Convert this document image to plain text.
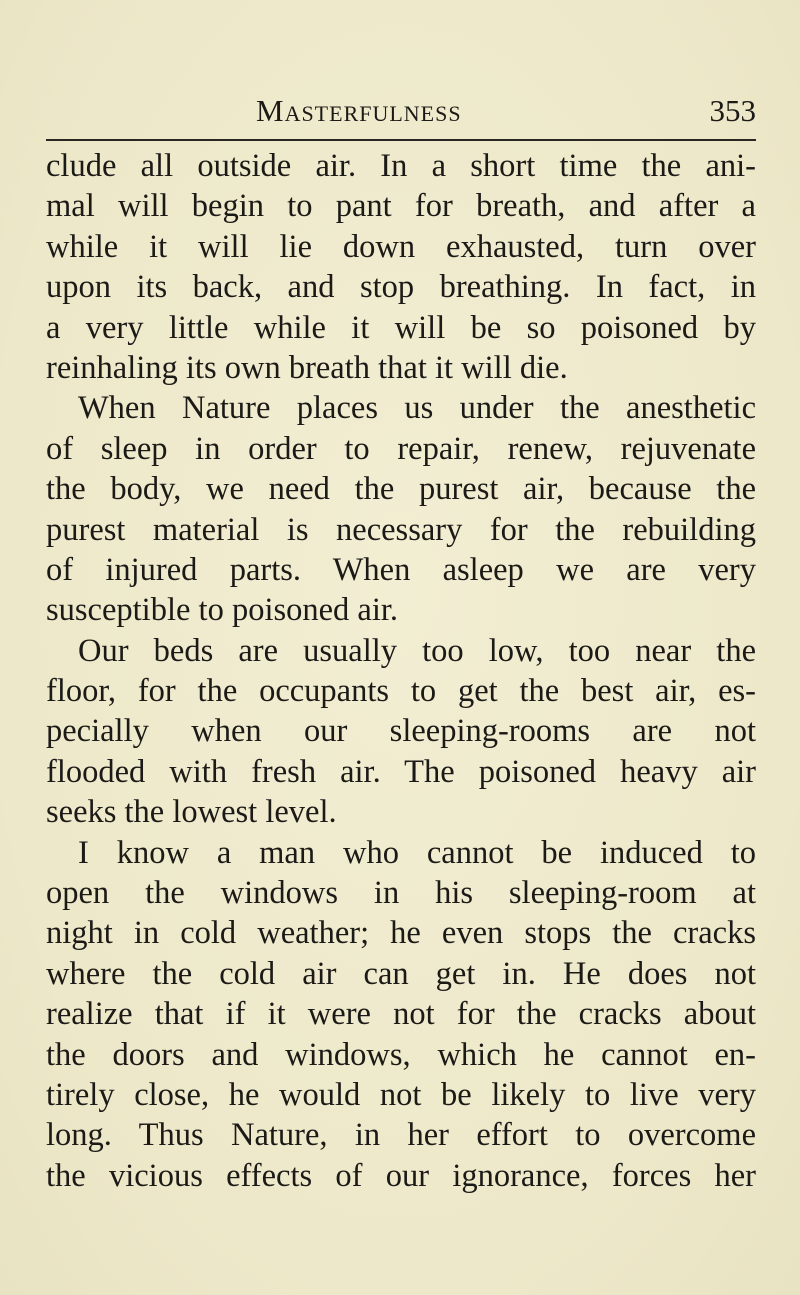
Masterfulness	353
clude all outside air. In a short time the ani-
mal will begin to pant for breath, and after a
while it will lie down exhausted, turn over
upon its back, and stop breathing. In fact, in
a very little while it will be so poisoned by
reinhaling its own breath that it will die.
When Nature places us under the anesthetic
of sleep in order to repair, renew, rejuvenate
the body, we need the purest air, because the
purest material is necessary for the rebuilding
of injured parts. When asleep we are very
susceptible to poisoned air.
Our beds are usually too low, too near the
floor, for the occupants to get the best air, es-
pecially when our sleeping-rooms are not
flooded with fresh air. The poisoned heavy air
seeks the lowest level.
I know a man who cannot be induced to
open the windows in his sleeping-room at
night in cold weather; he even stops the cracks
where the cold air can get in. He does not
realize that if it were not for the cracks about
the doors and windows, which he cannot en-
tirely close, he would not be likely to live very
long. Thus Nature, in her effort to overcome
the vicious effects of our ignorance, forces her
